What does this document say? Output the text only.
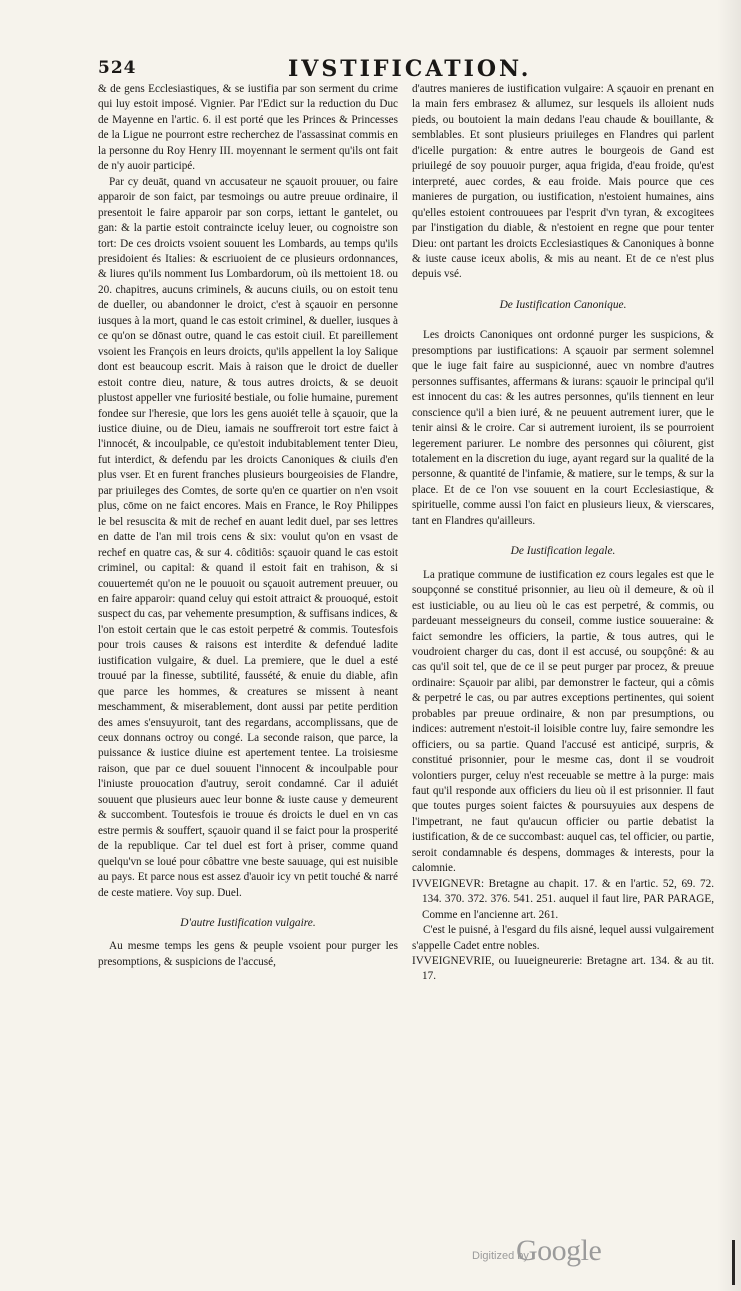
524	IVSTIFICATION.

& de gens Ecclesiastiques, & se iustifia par son serment du crime qui luy estoit imposé. Vignier. Par l'Edict sur la reduction du Duc de Mayenne en l'artic. 6. il est porté que les Princes & Princesses de la Ligue ne pourront estre recherchez de l'assassinat commis en la personne du Roy Henry III. moyennant le serment qu'ils ont fait de n'y auoir participé.

Par cy deuāt, quand vn accusateur ne sçauoit prouuer, ou faire apparoir de son faict, par tesmoings ou autre preuue ordinaire, il presentoit le faire apparoir par son corps, iettant le gantelet, ou gan: & la partie estoit contraincte iceluy leuer, ou cognoistre son tort: De ces droicts vsoient souuent les Lombards, au temps qu'ils presidoient és Italies: & escriuoient de ce plusieurs ordonnances, & liures qu'ils nomment Ius Lombardorum, où ils mettoient 18. ou 20. chapitres, aucuns criminels, & aucuns ciuils, ou on estoit tenu de dueller, ou abandonner le droict, c'est à sçauoir en personne iusques à la mort, quand le cas estoit criminel, & dueller, iusques à ce qu'on se dōnast outre, quand le cas estoit ciuil. Et pareillement vsoient les François en leurs droicts, qu'ils appellent la loy Salique dont est beaucoup escrit. Mais à raison que le droict de dueller estoit contre dieu, nature, & tous autres droicts, & se deuoit plustost appeller vne furiosité bestiale, ou folie humaine, purement fondee sur l'heresie, que lors les gens auoiét telle à sçauoir, que la iustice diuine, ou de Dieu, iamais ne souffreroit tort estre faict à l'innocét, & incoulpable, ce qu'estoit indubitablement tenter Dieu, fut interdict, & defendu par les droicts Canoniques & ciuils d'en plus vser. Et en furent franches plusieurs bourgeoisies de Flandre, par priuileges des Comtes, de sorte qu'en ce quartier on n'en vsoit plus, cōme on ne faict encores. Mais en France, le Roy Philippes le bel resuscita & mit de rechef en auant ledit duel, par ses lettres en datte de l'an mil trois cens & six: voulut qu'on en vsast de rechef en quatre cas, & sur 4. côditiôs: sçauoir quand le cas estoit criminel, ou capital: & quand il estoit fait en trahison, & si couuertemét qu'on ne le pouuoit ou sçauoit autrement preuuer, ou en faire apparoir: quand celuy qui estoit attraict & prouoqué, estoit suspect du cas, par vehemente presumption, & suffisans indices, & l'on estoit certain que le cas estoit perpetré & commis. Toutesfois pour trois causes & raisons est interdite & defendué ladite iustification vulgaire, & duel. La premiere, que le duel a esté trouué par la finesse, subtilité, faussété, & enuie du diable, afin que parce les hommes, & creatures se missent à neant meschamment, & miserablement, dont aussi par petite perdition des ames s'ensuyuroit, tant des regardans, accomplissans, que de ceux donnans octroy ou congé. La seconde raison, que parce, la puissance & iustice diuine est apertement tentee. La troisiesme raison, que par ce duel souuent l'innocent & incoulpable pour l'iniuste prouocation d'autruy, seroit condamné. Car il aduiét souuent que plusieurs auec leur bonne & iuste cause y demeurent & succombent. Toutesfois ie trouue és droicts le duel en vn cas estre permis & souffert, sçauoir quand il se faict pour la prosperité de la republique. Car tel duel est fort à priser, comme quand quelqu'vn se loué pour côbattre vne beste sauuage, qui est nuisible au pays. Et parce nous est assez d'auoir icy vn petit touché & narré de ceste matiere. Voy sup. Duel.

D'autre Iustification vulgaire.

Au mesme temps les gens & peuple vsoient pour purger les presomptions, & suspicions de l'accusé,

d'autres manieres de iustification vulgaire: A sçauoir en prenant en la main fers embrasez & allumez, sur lesquels ils alloient nuds pieds, ou boutoient la main dedans l'eau chaude & bouillante, & semblables. Et sont plusieurs priuileges en Flandres qui parlent d'icelle purgation: & entre autres le bourgeois de Gand est priuilegé de soy pouuoir purger, aqua frigida, d'eau froide, qu'est interpreté, auec cordes, & eau froide. Mais pource que ces manieres de purgation, ou iustification, n'estoient humaines, ains qu'elles estoient controuuees par l'esprit d'vn tyran, & excogitees par l'instigation du diable, & n'estoient en regne que pour tenter Dieu: ont partant les droicts Ecclesiastiques & Canoniques à bonne & iuste cause iceux abolis, & mis au neant. Et de ce n'est plus depuis vsé.

De Iustification Canonique.

Les droicts Canoniques ont ordonné purger les suspicions, & presomptions par iustifications: A sçauoir par serment solemnel que le iuge fait faire au suspicionné, auec vn nombre d'autres personnes suffisantes, affermans & iurans: sçauoir le principal qu'il est innocent du cas: & les autres personnes, qu'ils tiennent en leur conscience qu'il a bien iuré, & ne peuuent autrement iurer, que le tenir ainsi & le croire. Car si autrement iuroient, ils se pourroient legerement pariurer. Le nombre des personnes qui côiurent, gist totalement en la discretion du iuge, ayant regard sur la qualité de la personne, & quantité de l'infamie, & matiere, sur le temps, & sur la place. Et de ce l'on vse souuent en la court Ecclesiastique, & spirituelle, comme aussi l'on faict en plusieurs lieux, & vierscares, tant en Flandres qu'ailleurs.

De Iustification legale.

La pratique commune de iustification ez cours legales est que le soupçonné se constitué prisonnier, au lieu où il demeure, & où il est iusticiable, ou au lieu où le cas est perpetré, & commis, ou pardeuant messeigneurs du conseil, comme iustice souueraine: & faict semondre les officiers, la partie, & tous autres, qui le voudroient charger du cas, dont il est accusé, ou soupçôné: & au cas qu'il soit tel, que de ce il se peut purger par procez, & preuue ordinaire: Sçauoir par alibi, par demonstrer le facteur, qui a cômis & perpetré le cas, ou par autres exceptions pertinentes, qui soient probables par preuue ordinaire, & non par presumptions, ou indices: autrement n'estoit-il loisible contre luy, faire semondre les officiers, ou sa partie. Quand l'accusé est anticipé, surpris, & constitué prisonnier, pour le mesme cas, dont il se voudroit volontiers purger, celuy n'est receuable se mettre à la purge: mais faut qu'il responde aux officiers du lieu où il est prisonnier. Il faut que toutes purges soient faictes & poursuyuies aux despens de l'impetrant, ne faut qu'aucun officier ou partie debatist la iustification, & de ce succombast: auquel cas, tel officier, ou partie, seroit condamnable és despens, dommages & interests, pour la calomnie.

IVVEIGNEVR: Bretagne au chapit. 17. & en l'artic. 52, 69. 72. 134. 370. 372. 376. 541. 251. auquel il faut lire, PAR PARAGE, Comme en l'ancienne art. 261.

C'est le puisné, à l'esgard du fils aisné, lequel aussi vulgairement s'appelle Cadet entre nobles.

IVVEIGNEVRIE, ou Iuueigneurerie: Bretagne art. 134. & au tit. 17.

Digitized by
Google
